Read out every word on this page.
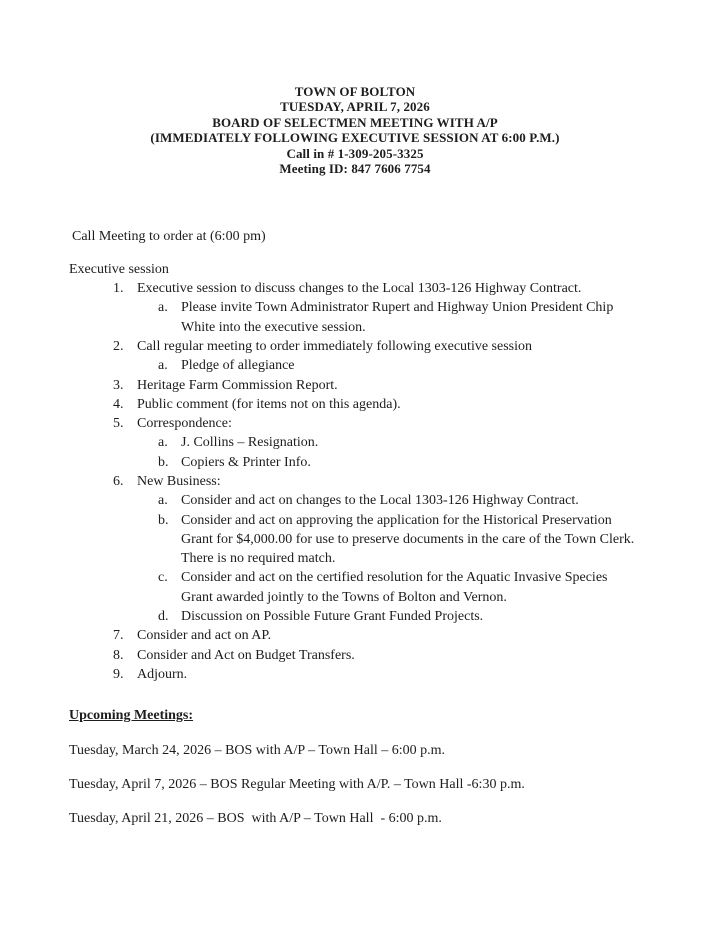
TOWN OF BOLTON
TUESDAY, APRIL 7, 2026
BOARD OF SELECTMEN MEETING WITH A/P
(IMMEDIATELY FOLLOWING EXECUTIVE SESSION AT 6:00 P.M.)
Call in # 1-309-205-3325
Meeting ID: 847 7606 7754

Call Meeting to order at (6:00 pm)

Executive session

1. Executive session to discuss changes to the Local 1303-126 Highway Contract.
a. Please invite Town Administrator Rupert and Highway Union President Chip White into the executive session.
2. Call regular meeting to order immediately following executive session
a. Pledge of allegiance
3. Heritage Farm Commission Report.
4. Public comment (for items not on this agenda).
5. Correspondence:
a. J. Collins – Resignation.
b. Copiers & Printer Info.
6. New Business:
a. Consider and act on changes to the Local 1303-126 Highway Contract.
b. Consider and act on approving the application for the Historical Preservation Grant for $4,000.00 for use to preserve documents in the care of the Town Clerk. There is no required match.
c. Consider and act on the certified resolution for the Aquatic Invasive Species Grant awarded jointly to the Towns of Bolton and Vernon.
d. Discussion on Possible Future Grant Funded Projects.
7. Consider and act on AP.
8. Consider and Act on Budget Transfers.
9. Adjourn.
Upcoming Meetings:

Tuesday, March 24, 2026 – BOS with A/P – Town Hall – 6:00 p.m.

Tuesday, April 7, 2026 – BOS Regular Meeting with A/P. – Town Hall -6:30 p.m.

Tuesday, April 21, 2026 – BOS  with A/P – Town Hall  - 6:00 p.m.
